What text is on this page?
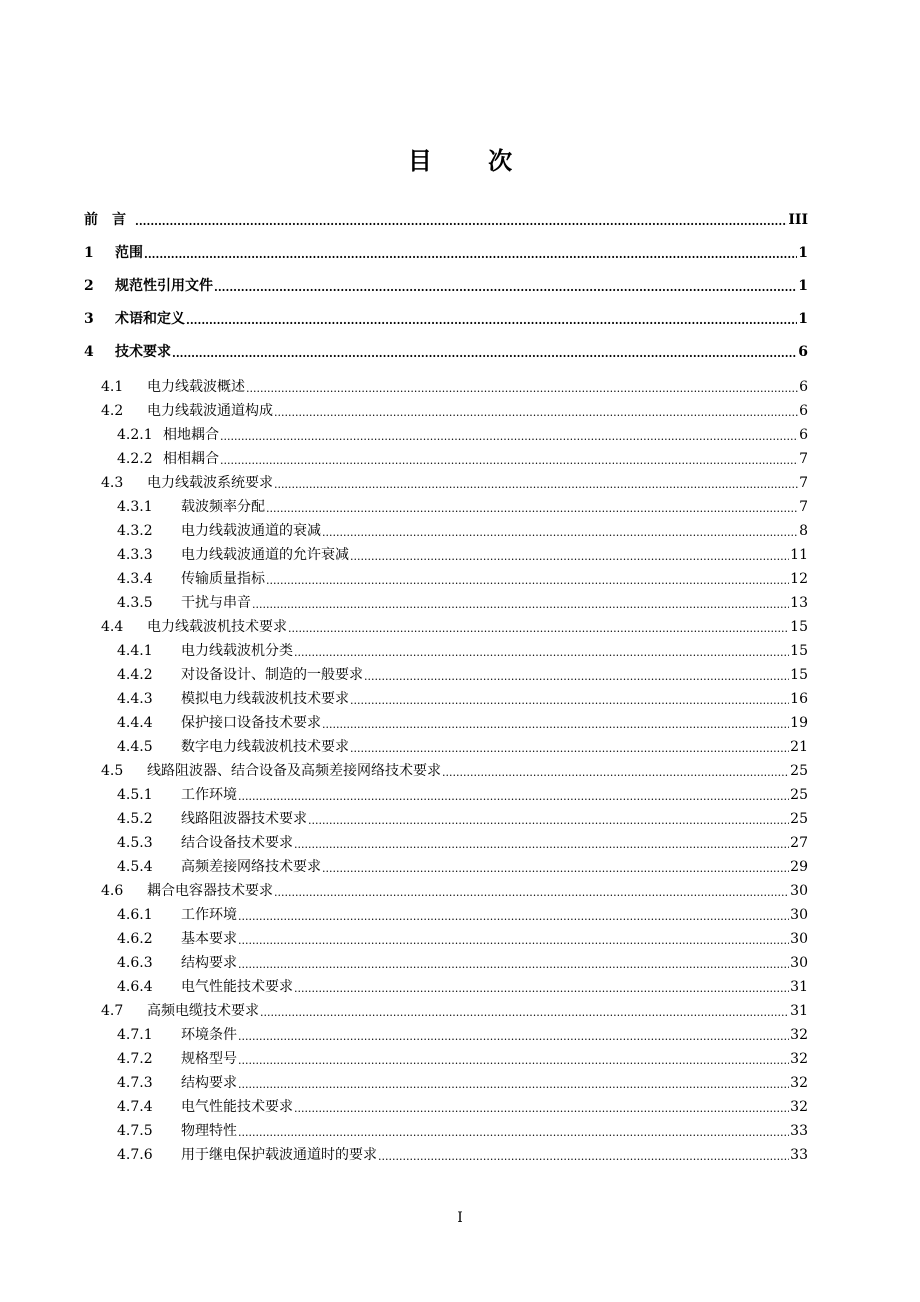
目 次
前　言 .....	III
1	范围 .....	1
2	规范性引用文件 .....	1
3	术语和定义 .....	1
4	技术要求 .....	6
4.1	电力线载波概述 .....	6
4.2	电力线载波通道构成 .....	6
4.2.1 相地耦合 .....	6
4.2.2 相相耦合 .....	7
4.3	电力线载波系统要求 .....	7
4.3.1	载波频率分配 .....	7
4.3.2	电力线载波通道的衰减 .....	8
4.3.3	电力线载波通道的允许衰减 .....	11
4.3.4	传输质量指标 .....	12
4.3.5	干扰与串音 .....	13
4.4	电力线载波机技术要求 .....	15
4.4.1	电力线载波机分类 .....	15
4.4.2	对设备设计、制造的一般要求 .....	15
4.4.3	模拟电力线载波机技术要求 .....	16
4.4.4	保护接口设备技术要求 .....	19
4.4.5	数字电力线载波机技术要求 .....	21
4.5	线路阻波器、结合设备及高频差接网络技术要求 .....	25
4.5.1	工作环境 .....	25
4.5.2	线路阻波器技术要求 .....	25
4.5.3	结合设备技术要求 .....	27
4.5.4	高频差接网络技术要求 .....	29
4.6	耦合电容器技术要求 .....	30
4.6.1	工作环境 .....	30
4.6.2	基本要求 .....	30
4.6.3	结构要求 .....	30
4.6.4	电气性能技术要求 .....	31
4.7	高频电缆技术要求 .....	31
4.7.1	环境条件 .....	32
4.7.2	规格型号 .....	32
4.7.3	结构要求 .....	32
4.7.4	电气性能技术要求 .....	32
4.7.5	物理特性 .....	33
4.7.6	用于继电保护载波通道时的要求 .....	33
I
